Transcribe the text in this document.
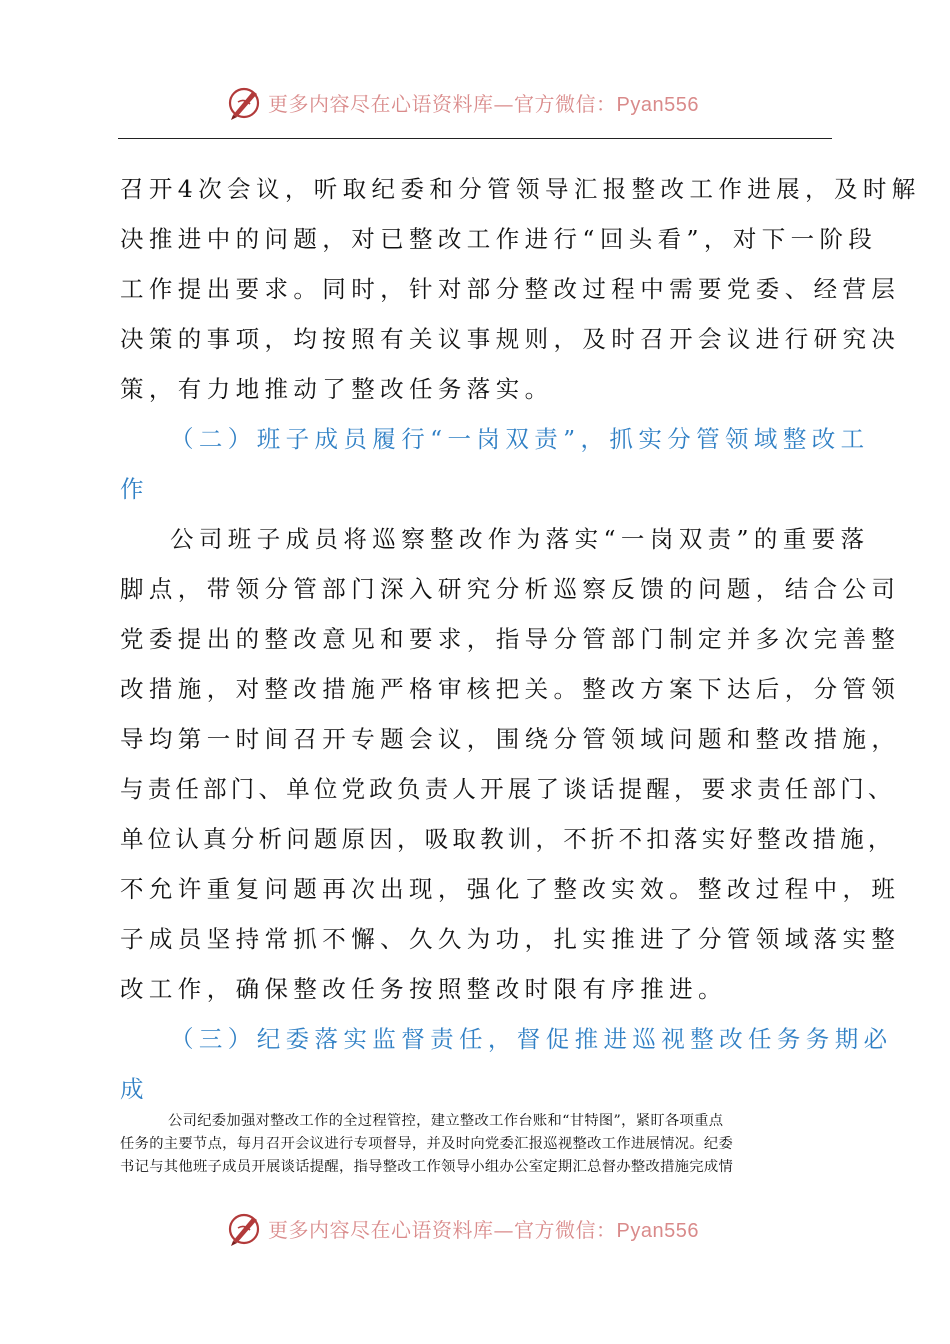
更多内容尽在心语资料库—官方微信：Pyan556
召开4次会议，听取纪委和分管领导汇报整改工作进展，及时解
决推进中的问题，对已整改工作进行“回头看”，对下一阶段
工作提出要求。同时，针对部分整改过程中需要党委、经营层
决策的事项，均按照有关议事规则，及时召开会议进行研究决
策，有力地推动了整改任务落实。
（二）班子成员履行“一岗双责”，抓实分管领域整改工
作
公司班子成员将巡察整改作为落实“一岗双责”的重要落
脚点，带领分管部门深入研究分析巡察反馈的问题，结合公司
党委提出的整改意见和要求，指导分管部门制定并多次完善整
改措施，对整改措施严格审核把关。整改方案下达后，分管领
导均第一时间召开专题会议，围绕分管领域问题和整改措施，
与责任部门、单位党政负责人开展了谈话提醒，要求责任部门、
单位认真分析问题原因，吸取教训，不折不扣落实好整改措施，
不允许重复问题再次出现，强化了整改实效。整改过程中，班
子成员坚持常抓不懈、久久为功，扎实推进了分管领域落实整
改工作，确保整改任务按照整改时限有序推进。
（三）纪委落实监督责任，督促推进巡视整改任务务期必
成
公司纪委加强对整改工作的全过程管控，建立整改工作台账和“甘特图”，紧盯各项重点
任务的主要节点，每月召开会议进行专项督导，并及时向党委汇报巡视整改工作进展情况。纪委
书记与其他班子成员开展谈话提醒，指导整改工作领导小组办公室定期汇总督办整改措施完成情
更多内容尽在心语资料库—官方微信：Pyan556
